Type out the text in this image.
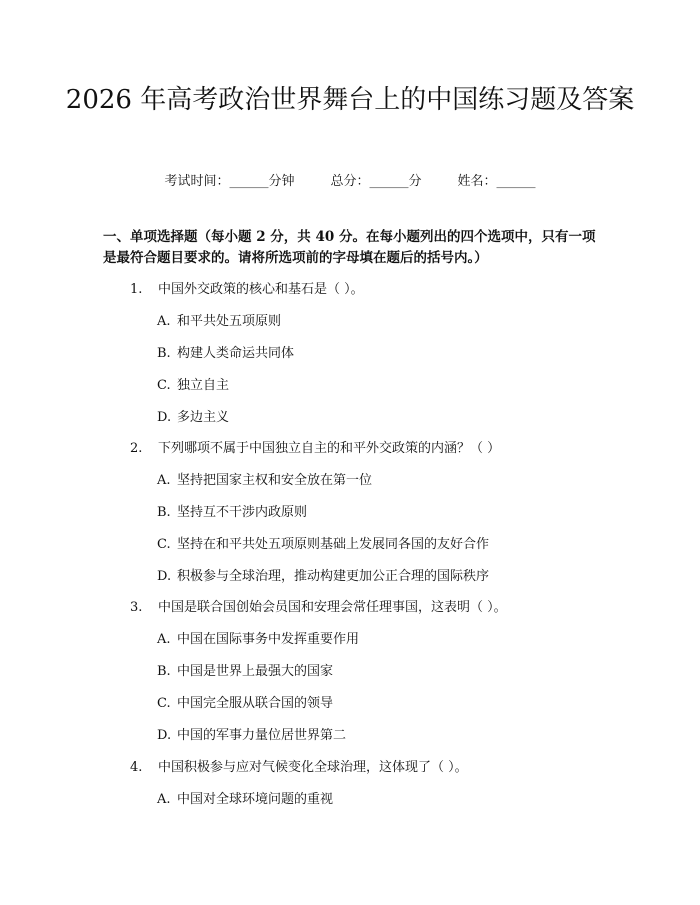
2026 年高考政治世界舞台上的中国练习题及答案
考试时间：______分钟	总分：______分	姓名：______

一、单项选择题（每小题 2 分，共 40 分。在每小题列出的四个选项中，只有一项是最符合题目要求的。请将所选项前的字母填在题后的括号内。）

1. 中国外交政策的核心和基石是（ ）。
A. 和平共处五项原则
B. 构建人类命运共同体
C. 独立自主
D. 多边主义
2. 下列哪项不属于中国独立自主的和平外交政策的内涵？（ ）
A. 坚持把国家主权和安全放在第一位
B. 坚持互不干涉内政原则
C. 坚持在和平共处五项原则基础上发展同各国的友好合作
D. 积极参与全球治理，推动构建更加公正合理的国际秩序
3. 中国是联合国创始会员国和安理会常任理事国，这表明（ ）。
A. 中国在国际事务中发挥重要作用
B. 中国是世界上最强大的国家
C. 中国完全服从联合国的领导
D. 中国的军事力量位居世界第二
4. 中国积极参与应对气候变化全球治理，这体现了（ ）。
A. 中国对全球环境问题的重视
